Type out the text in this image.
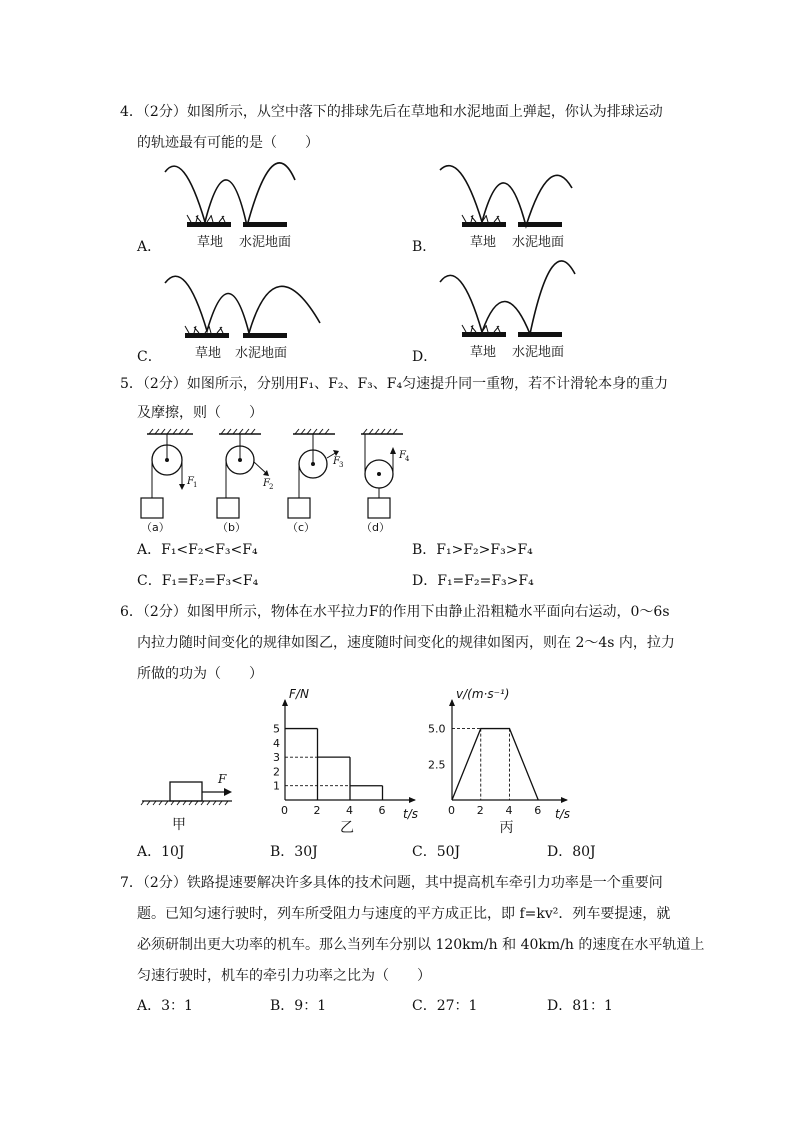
4．（2分）如图所示，从空中落下的排球先后在草地和水泥地面上弹起，你认为排球运动
的轨迹最有可能的是（　　）
A．	草地 水泥地面	B．	草地 水泥地面
C．	草地 水泥地面	D．	草地 水泥地面
5．（2分）如图所示，分别用F₁、F₂、F₃、F₄匀速提升同一重物，若不计滑轮本身的重力
及摩擦，则（　　）
F 1
（a）
F 2
（b）
F 3
（c）
F 4
（d）
A．F₁<F₂<F₃<F₄	B．F₁>F₂>F₃>F₄
C．F₁=F₂=F₃<F₄	D．F₁=F₂=F₃>F₄
6．（2分）如图甲所示，物体在水平拉力F的作用下由静止沿粗糙水平面向右运动，0～6s
内拉力随时间变化的规律如图乙，速度随时间变化的规律如图丙，则在 2～4s 内，拉力
所做的功为（　　）
F
甲
F/N
t/s
0 2 4 6
1
2
3
4
5
乙
v/(m·s⁻¹)
t/s
0 2 4 6
2.5
5.0
丙
A．10J	B．30J	C．50J	D．80J
7．（2分）铁路提速要解决许多具体的技术问题，其中提高机车牵引力功率是一个重要问
题。已知匀速行驶时，列车所受阻力与速度的平方成正比，即 f=kv²．列车要提速，就
必须研制出更大功率的机车。那么当列车分别以 120km/h 和 40km/h 的速度在水平轨道上
匀速行驶时，机车的牵引力功率之比为（　　）
A．3：1	B．9：1	C．27：1	D．81：1
